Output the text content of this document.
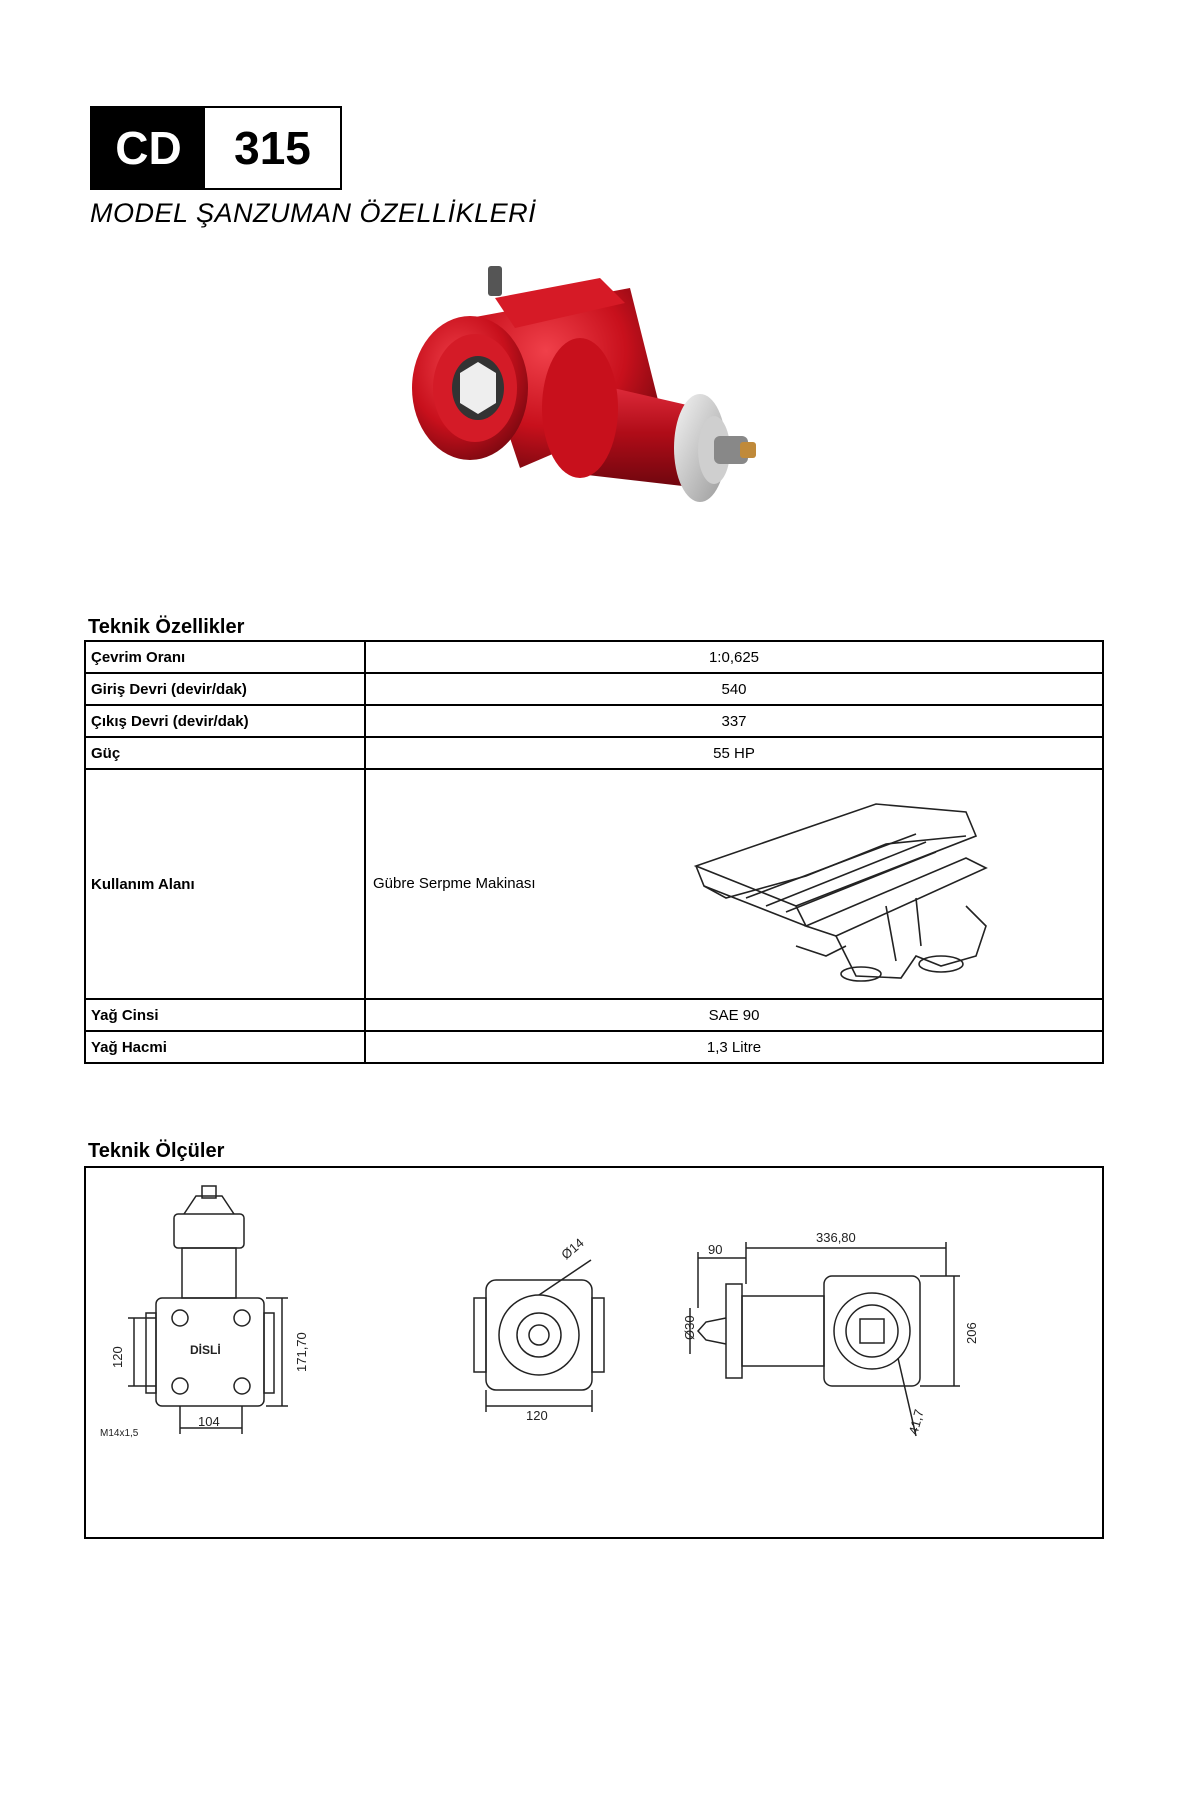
CD	315
MODEL ŞANZUMAN ÖZELLİKLERİ
Teknik Özellikler
Çevrim Oranı	1:0,625
Giriş Devri (devir/dak)	540
Çıkış Devri (devir/dak)	337
Güç	55 HP
Kullanım Alanı	Gübre Serpme Makinası

Yağ Cinsi	SAE 90
Yağ Hacmi	1,3 Litre
Teknik Ölçüler
120	171,70
104
M14x1,5
DİSLİ
Ø14
120
90
336,80
Ø30	206
41,7
